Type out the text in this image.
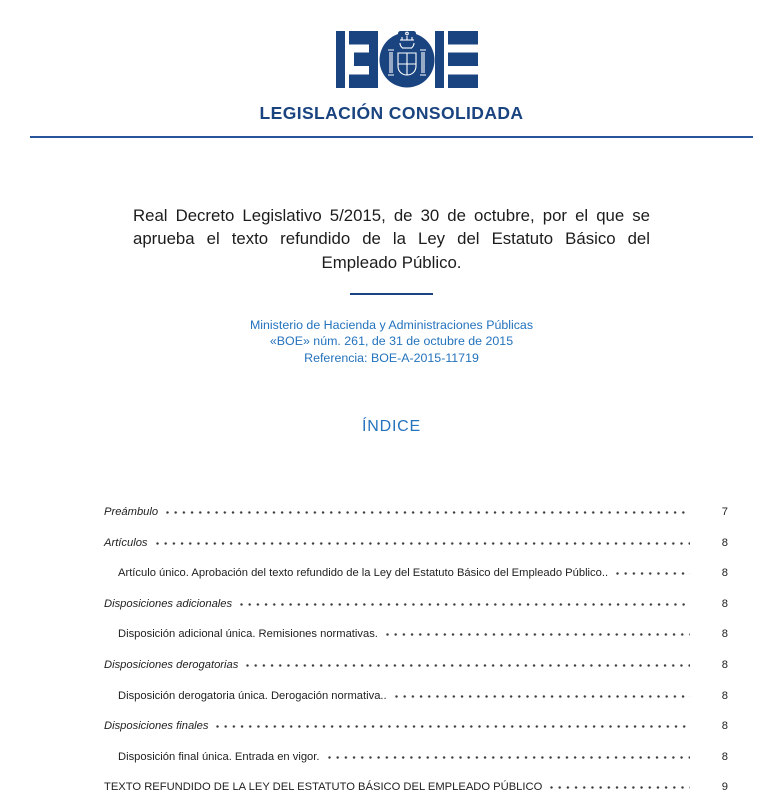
LEGISLACIÓN CONSOLIDADA
Real Decreto Legislativo 5/2015, de 30 de octubre, por el que se
aprueba el texto refundido de la Ley del Estatuto Básico del
Empleado Público.
Ministerio de Hacienda y Administraciones Públicas
«BOE» núm. 261, de 31 de octubre de 2015
Referencia: BOE-A-2015-11719
ÍNDICE
Preámbulo	7
Artículos	8
Artículo único. Aprobación del texto refundido de la Ley del Estatuto Básico del Empleado Público..	8
Disposiciones adicionales	8
Disposición adicional única. Remisiones normativas.	8
Disposiciones derogatorias	8
Disposición derogatoria única. Derogación normativa..	8
Disposiciones finales	8
Disposición final única. Entrada en vigor.	8
TEXTO REFUNDIDO DE LA LEY DEL ESTATUTO BÁSICO DEL EMPLEADO PÚBLICO	9
